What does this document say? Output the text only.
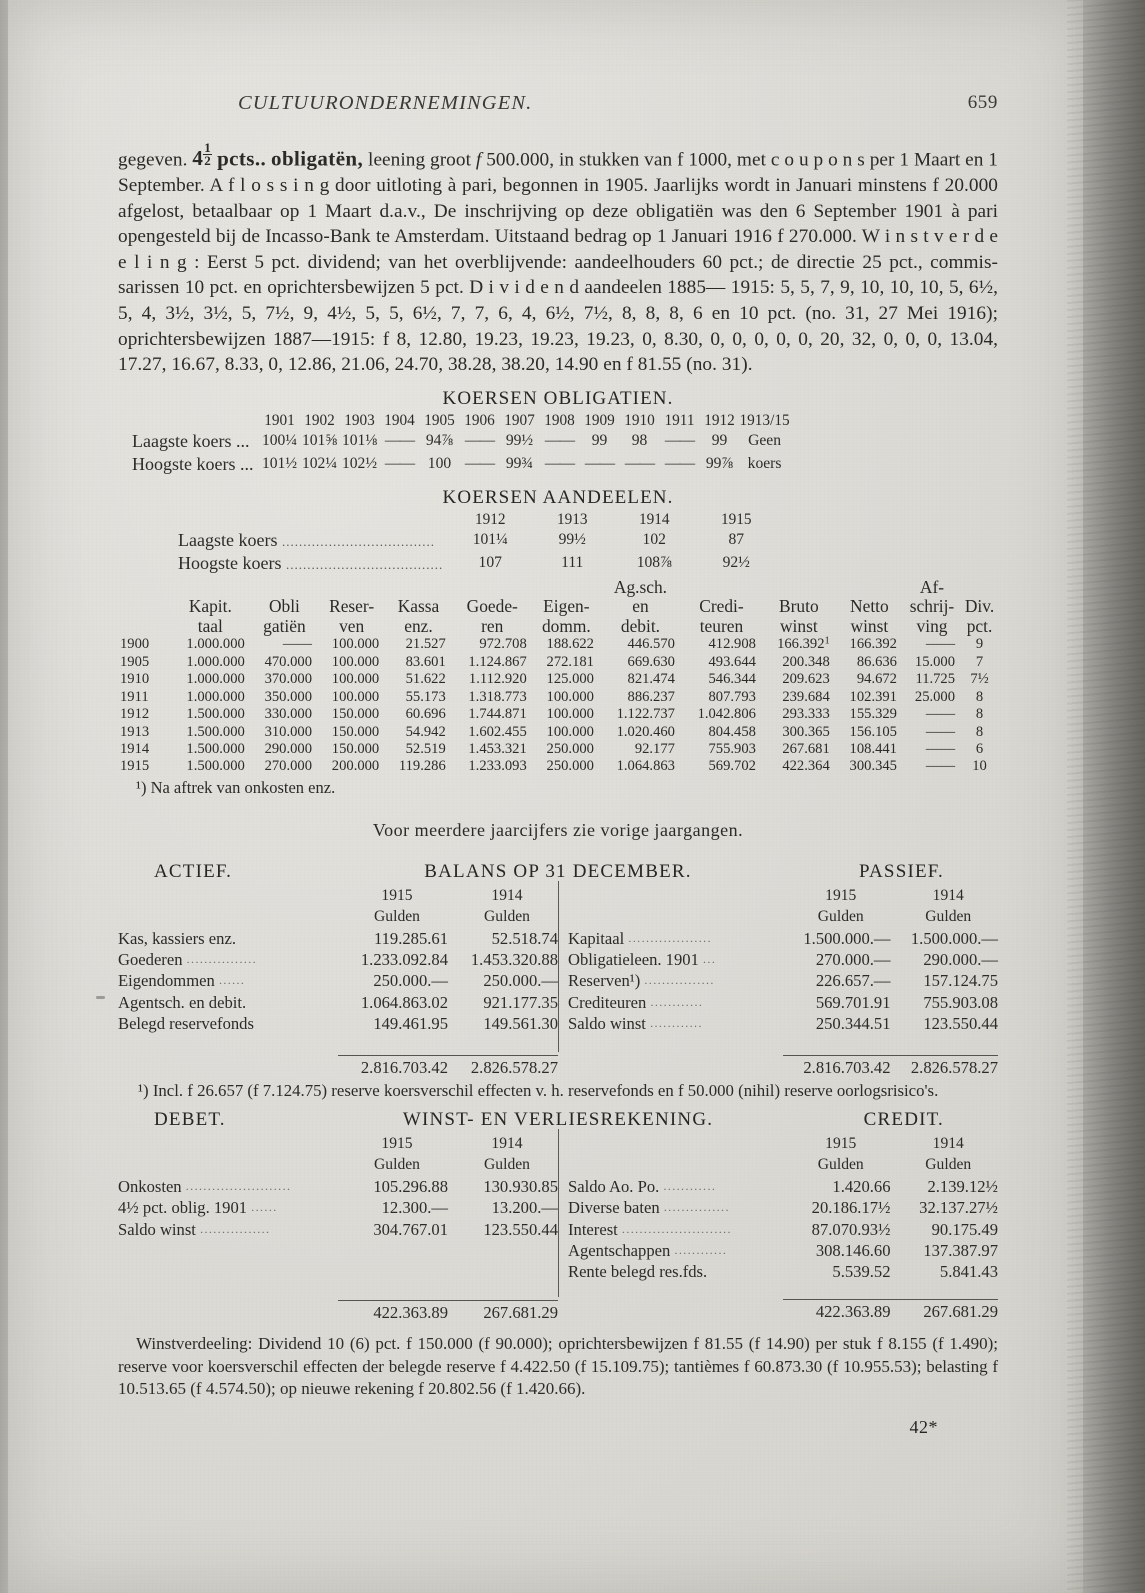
CULTUURONDERNEMINGEN.	659
gegeven. $4 \frac{1}{2}$ pcts.. obligatën, leening groot f 500.000, in stukken van f 1000, met c o u p o n s per 1 Maart en 1 September. A f l o s s i n g door uitloting à pari, begonnen in 1905. Jaarlijks wordt in Januari minstens f 20.000 afgelost, betaalbaar op 1 Maart d.a.v., De inschrijving op deze obligatiën was den 6 September 1901 à pari opengesteld bij de Incasso-Bank te Amsterdam. Uitstaand bedrag op 1 Januari 1916 f 270.000. W i n s t v e r d e e l i n g : Eerst 5 pct. dividend; van het overblijvende: aandeelhouders 60 pct.; de directie 25 pct., commis- sarissen 10 pct. en oprichtersbewijzen 5 pct. D i v i d e n d aandeelen 1885— 1915: 5, 5, 7, 9, 10, 10, 10, 5, 6½, 5, 4, 3½, 3½, 5, 7½, 9, 4½, 5, 5, 6½, 7, 7, 6, 4, 6½, 7½, 8, 8, 8, 6 en 10 pct. (no. 31, 27 Mei 1916); oprichtersbewijzen 1887—1915: f 8, 12.80, 19.23, 19.23, 19.23, 0, 8.30, 0, 0, 0, 0, 0, 20, 32, 0, 0, 0, 13.04, 17.27, 16.67, 8.33, 0, 12.86, 21.06, 24.70, 38.28, 38.20, 14.90 en f 81.55 (no. 31).
KOERSEN OBLIGATIEN.
	1901	1902	1903	1904	1905	1906	1907	1908	1909	1910	1911	1912	1913/15
Laagste koers ...	100¼	101⅝	101⅛	——	94⅞	——	99½	——	99	98	——	99	Geen
Hoogste koers ...	101½	102¼	102½	——	100	——	99¾	——	——	——	——	99⅞	koers
KOERSEN AANDEELEN.
	1912	1913	1914	1915
Laagste koers ....................................	101¼	99½	102	87
Hoogste koers .....................................	107	111	108⅞	92½
							Ag.sch.				Af-	
	Kapit.	Obli	Reser-	Kassa	Goede-	Eigen-	en	Credi-	Bruto	Netto	schrij-	Div.
	taal	gatiën	ven	enz.	ren	domm.	debit.	teuren	winst	winst	ving	pct.
1900	1.000.000	——	100.000	21.527	972.708	188.622	446.570	412.908	166.392$^1$	166.392	——	9
1905	1.000.000	470.000	100.000	83.601	1.124.867	272.181	669.630	493.644	200.348	86.636	15.000	7
1910	1.000.000	370.000	100.000	51.622	1.112.920	125.000	821.474	546.344	209.623	94.672	11.725	7½
1911	1.000.000	350.000	100.000	55.173	1.318.773	100.000	886.237	807.793	239.684	102.391	25.000	8
1912	1.500.000	330.000	150.000	60.696	1.744.871	100.000	1.122.737	1.042.806	293.333	155.329	——	8
1913	1.500.000	310.000	150.000	54.942	1.602.455	100.000	1.020.460	804.458	300.365	156.105	——	8
1914	1.500.000	290.000	150.000	52.519	1.453.321	250.000	92.177	755.903	267.681	108.441	——	6
1915	1.500.000	270.000	200.000	119.286	1.233.093	250.000	1.064.863	569.702	422.364	300.345	——	10
¹) Na aftrek van onkosten enz.
Voor meerdere jaarcijfers zie vorige jaargangen.
ACTIEF.	BALANS OP 31 DECEMBER.	PASSIEF.
	1915	1914
	Gulden	Gulden
Kas, kassiers enz.	119.285.61	52.518.74
Goederen ................	1.233.092.84	1.453.320.88
Eigendommen ......	250.000.—	250.000.—
Agentsch. en debit.	1.064.863.02	921.177.35
Belegd reservefonds	149.461.95	149.561.30

	2.816.703.42	2.826.578.27
	1915	1914
	Gulden	Gulden
Kapitaal ...................	1.500.000.—	1.500.000.—
Obligatieleen. 1901 ...	270.000.—	290.000.—
Reserven¹) ................	226.657.—	157.124.75
Crediteuren ............	569.701.91	755.903.08
Saldo winst ............	250.344.51	123.550.44

	2.816.703.42	2.826.578.27
¹) Incl. f 26.657 (f 7.124.75) reserve koersverschil effecten v. h. reservefonds en f 50.000 (nihil) reserve oorlogsrisico's.
DEBET.	WINST- EN VERLIESREKENING.	CREDIT.
	1915	1914
	Gulden	Gulden
Onkosten ........................	105.296.88	130.930.85
4½ pct. oblig. 1901 ......	12.300.—	13.200.—
Saldo winst ................	304.767.01	123.550.44

	422.363.89	267.681.29
	1915	1914
	Gulden	Gulden
Saldo Ao. Po. ............	1.420.66	2.139.12½
Diverse baten ...............	20.186.17½	32.137.27½
Interest .........................	87.070.93½	90.175.49
Agentschappen ............	308.146.60	137.387.97
Rente belegd res.fds.	5.539.52	5.841.43

	422.363.89	267.681.29
Winstverdeeling: Dividend 10 (6) pct. f 150.000 (f 90.000); oprichtersbewijzen f 81.55 (f 14.90) per stuk f 8.155 (f 1.490); reserve voor koersverschil effecten der belegde reserve f 4.422.50 (f 15.109.75); tantièmes f 60.873.30 (f 10.955.53); belasting f 10.513.65 (f 4.574.50); op nieuwe rekening f 20.802.56 (f 1.420.66).
42*
